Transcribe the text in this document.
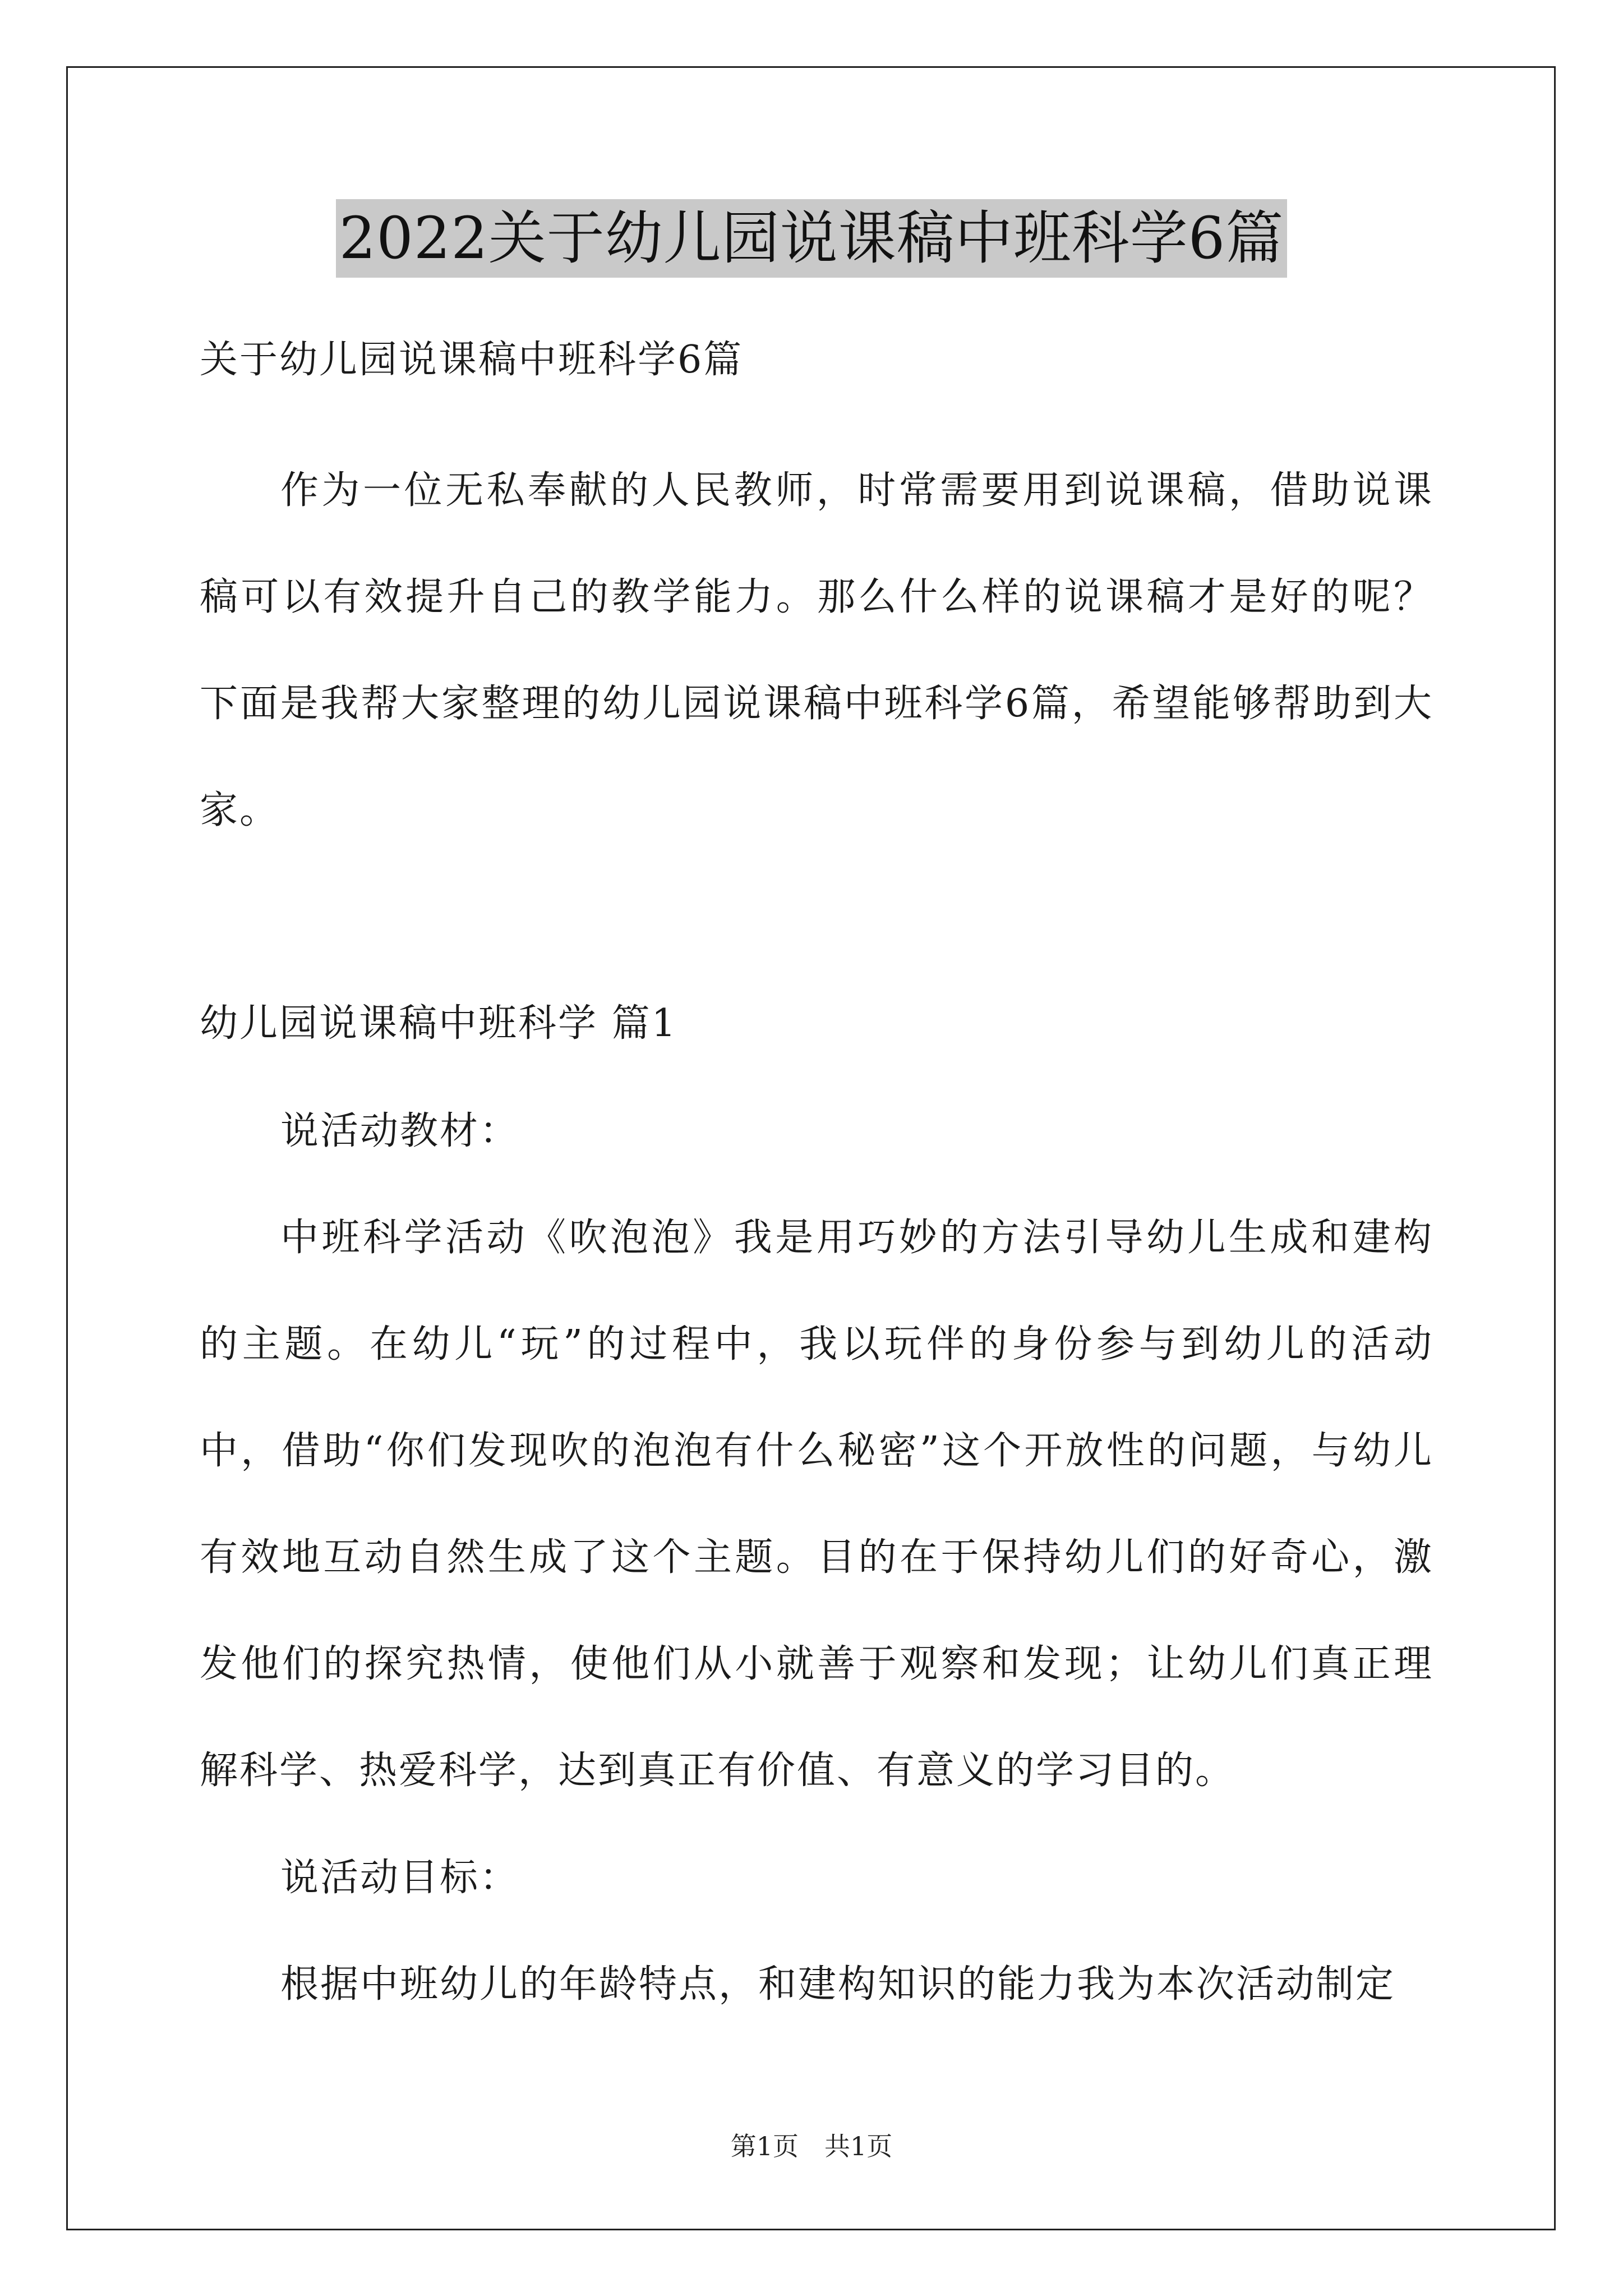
2022关于幼儿园说课稿中班科学6篇

关于幼儿园说课稿中班科学6篇

作为一位无私奉献的人民教师，时常需要用到说课稿，借助说课稿可以有效提升自己的教学能力。那么什么样的说课稿才是好的呢？下面是我帮大家整理的幼儿园说课稿中班科学6篇，希望能够帮助到大家。

幼儿园说课稿中班科学 篇1

说活动教材：

中班科学活动《吹泡泡》我是用巧妙的方法引导幼儿生成和建构的主题。在幼儿“玩”的过程中，我以玩伴的身份参与到幼儿的活动中，借助“你们发现吹的泡泡有什么秘密”这个开放性的问题，与幼儿有效地互动自然生成了这个主题。目的在于保持幼儿们的好奇心，激发他们的探究热情，使他们从小就善于观察和发现；让幼儿们真正理解科学、热爱科学，达到真正有价值、有意义的学习目的。

说活动目标：

根据中班幼儿的年龄特点，和建构知识的能力我为本次活动制定

第1页　共1页
